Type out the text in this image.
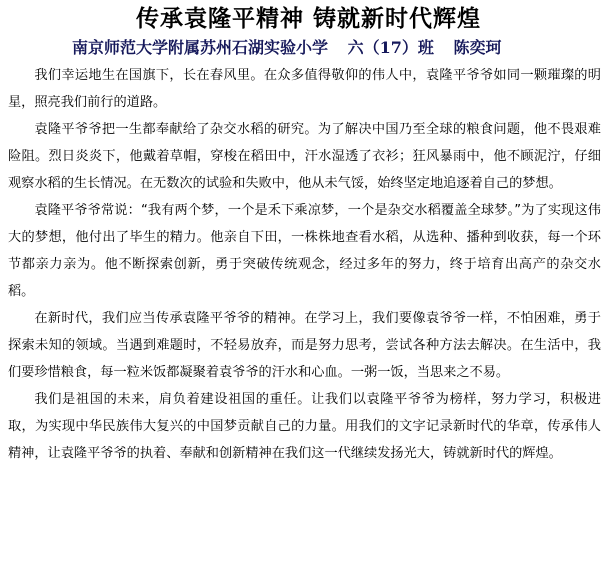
传承袁隆平精神 铸就新时代辉煌
南京师范大学附属苏州石湖实验小学 六（17）班 陈奕珂

我们幸运地生在国旗下，长在春风里。在众多值得敬仰的伟人中，袁隆平爷爷如同一颗璀璨的明星，照亮我们前行的道路。

袁隆平爷爷把一生都奉献给了杂交水稻的研究。为了解决中国乃至全球的粮食问题，他不畏艰难险阻。烈日炎炎下，他戴着草帽，穿梭在稻田中，汗水湿透了衣衫；狂风暴雨中，他不顾泥泞，仔细观察水稻的生长情况。在无数次的试验和失败中，他从未气馁，始终坚定地追逐着自己的梦想。

袁隆平爷爷常说：“我有两个梦，一个是禾下乘凉梦，一个是杂交水稻覆盖全球梦。”为了实现这伟大的梦想，他付出了毕生的精力。他亲自下田，一株株地查看水稻，从选种、播种到收获，每一个环节都亲力亲为。他不断探索创新，勇于突破传统观念，经过多年的努力，终于培育出高产的杂交水稻。

在新时代，我们应当传承袁隆平爷爷的精神。在学习上，我们要像袁爷爷一样，不怕困难，勇于探索未知的领域。当遇到难题时，不轻易放弃，而是努力思考，尝试各种方法去解决。在生活中，我们要珍惜粮食，每一粒米饭都凝聚着袁爷爷的汗水和心血。一粥一饭，当思来之不易。

我们是祖国的未来，肩负着建设祖国的重任。让我们以袁隆平爷爷为榜样，努力学习，积极进取，为实现中华民族伟大复兴的中国梦贡献自己的力量。用我们的文字记录新时代的华章，传承伟人精神，让袁隆平爷爷的执着、奉献和创新精神在我们这一代继续发扬光大，铸就新时代的辉煌。
